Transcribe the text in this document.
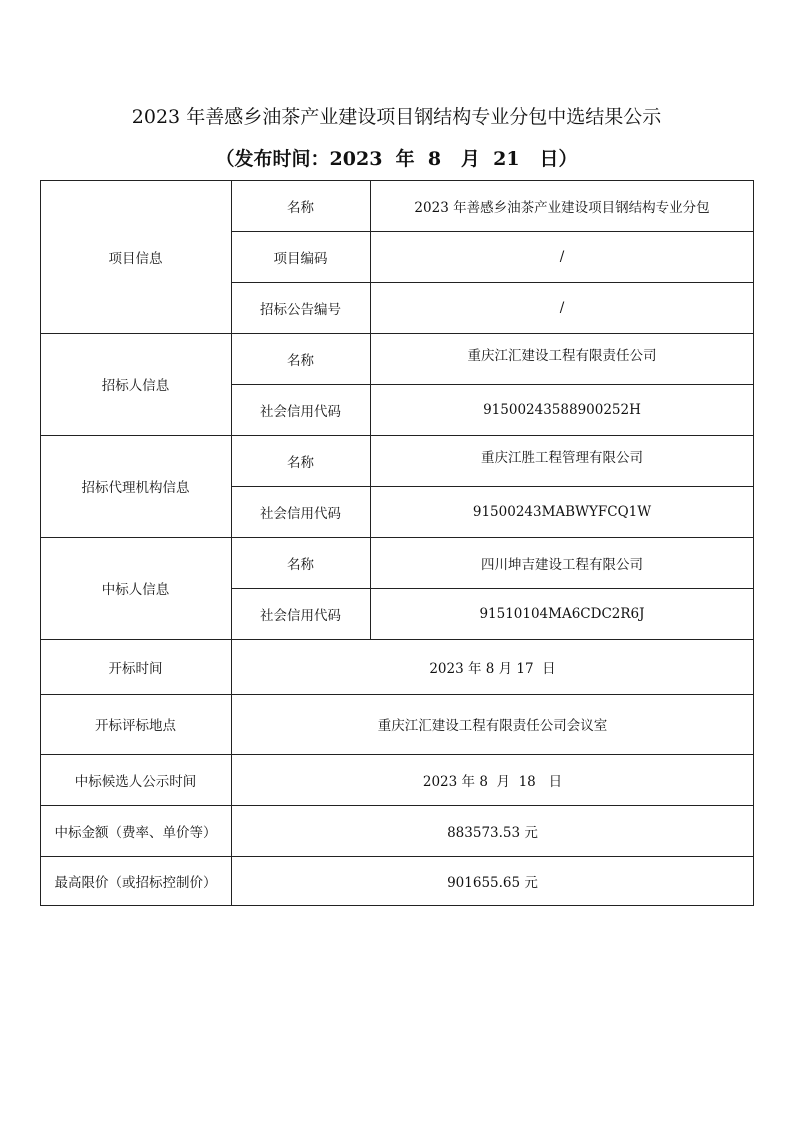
2023 年善感乡油茶产业建设项目钢结构专业分包中选结果公示
（发布时间：2023  年  8   月  21   日）
项目信息
名称	2023 年善感乡油茶产业建设项目钢结构专业分包
项目编码	/
招标公告编号	/
招标人信息
名称	重庆江汇建设工程有限责任公司
社会信用代码	91500243588900252H
招标代理机构信息
名称	重庆江胜工程管理有限公司
社会信用代码	91500243MABWYFCQ1W
中标人信息
名称	四川坤吉建设工程有限公司
社会信用代码	91510104MA6CDC2R6J
开标时间	2023 年 8 月 17  日
开标评标地点	重庆江汇建设工程有限责任公司会议室
中标候选人公示时间	2023 年 8  月  18   日
中标金额（费率、单价等）	883573.53 元
最高限价（或招标控制价）	901655.65 元
